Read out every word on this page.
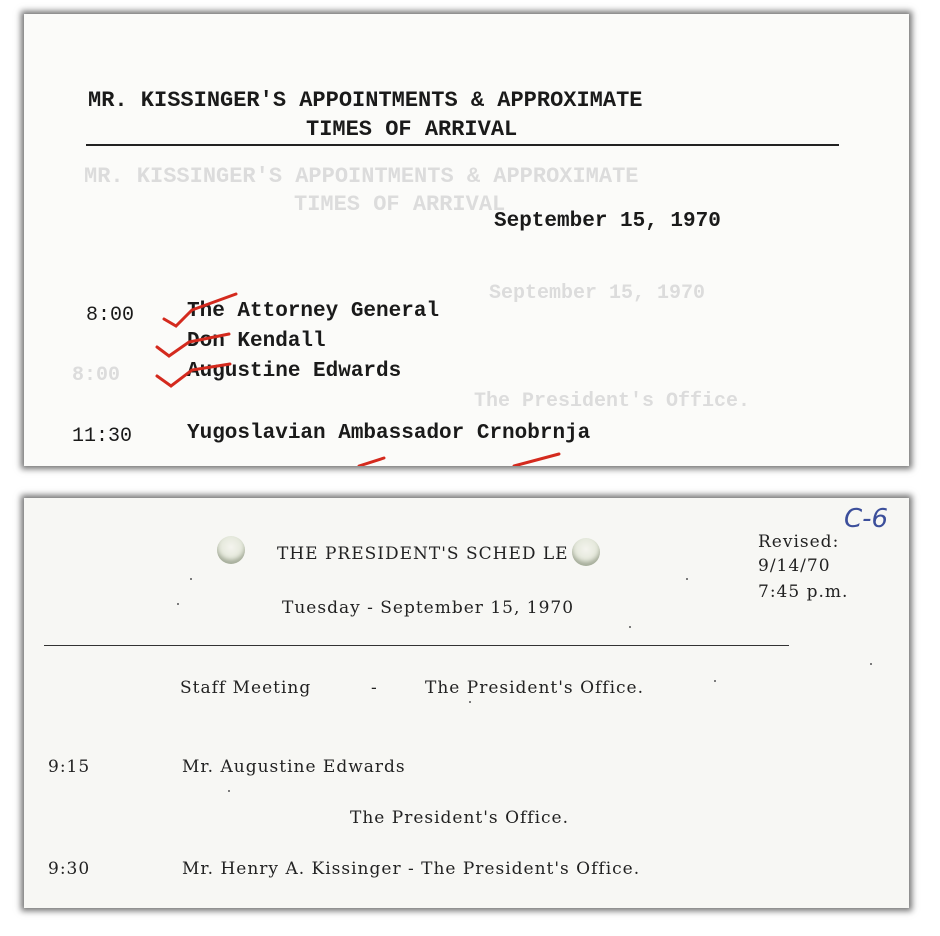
MR. KISSINGER'S APPOINTMENTS & APPROXIMATE
TIMES OF ARRIVAL
September 15, 1970
8:00
The President's Office.
MR. KISSINGER'S APPOINTMENTS & APPROXIMATE
TIMES OF ARRIVAL
September 15, 1970
8:00	The Attorney General
Don Kendall
Augustine Edwards
11:30	Yugoslavian Ambassador Crnobrnja
THE PRESIDENT'S SCHED LE
Tuesday - September 15, 1970
Revised:
9/14/70
7:45 p.m.
C-6
Staff Meeting	-	The President's Office.
9:15	Mr. Augustine Edwards
The President's Office.
9:30	Mr. Henry A. Kissinger - The President's Office.
